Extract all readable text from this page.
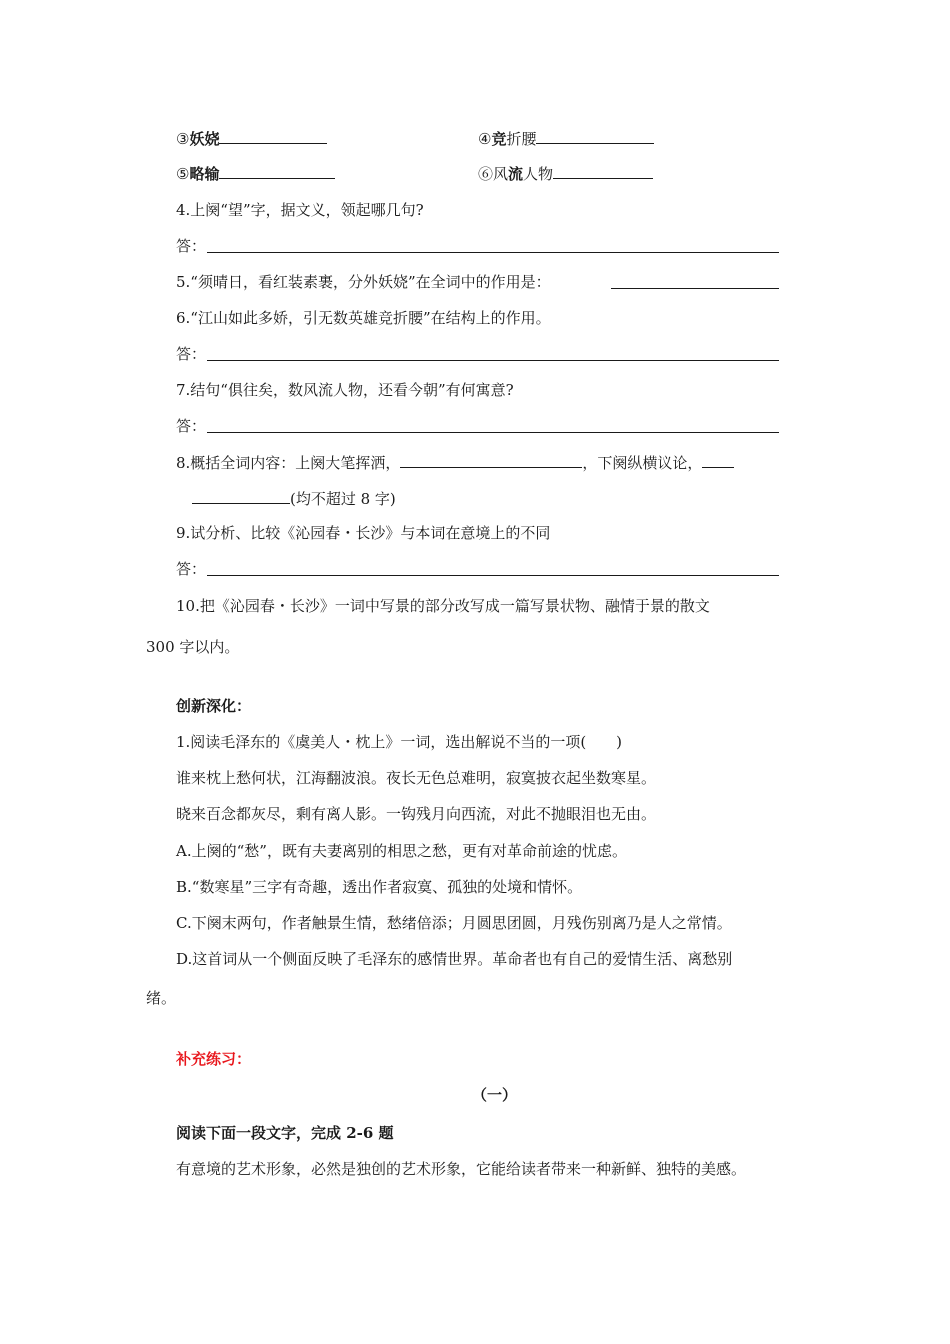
③妖娆	④竞折腰
⑤略输	⑥风流人物
4.上阕“望”字，据文义，领起哪几句?
答：
5.“须晴日，看红装素裹，分外妖娆”在全词中的作用是：
6.“江山如此多娇，引无数英雄竞折腰”在结构上的作用。
答：
7.结句“俱往矣，数风流人物，还看今朝”有何寓意?
答：
8.概括全词内容：上阕大笔挥洒，	，下阕纵横议论，
(均不超过 8 字)
9.试分析、比较《沁园春・长沙》与本词在意境上的不同
答：
10.把《沁园春・长沙》一词中写景的部分改写成一篇写景状物、融情于景的散文
300 字以内。
创新深化：
1.阅读毛泽东的《虞美人・枕上》一词，选出解说不当的一项(　　)
谁来枕上愁何状，江海翻波浪。夜长无色总难明，寂寞披衣起坐数寒星。
晓来百念都灰尽，剩有离人影。一钩残月向西流，对此不抛眼泪也无由。
A.上阕的“愁”，既有夫妻离别的相思之愁，更有对革命前途的忧虑。
B.“数寒星”三字有奇趣，透出作者寂寞、孤独的处境和情怀。
C.下阕末两句，作者触景生情，愁绪倍添；月圆思团圆，月残伤别离乃是人之常情。
D.这首词从一个侧面反映了毛泽东的感情世界。革命者也有自己的爱情生活、离愁别
绪。
补充练习：
（一）
阅读下面一段文字，完成 2-6 题
有意境的艺术形象，必然是独创的艺术形象，它能给读者带来一种新鲜、独特的美感。
